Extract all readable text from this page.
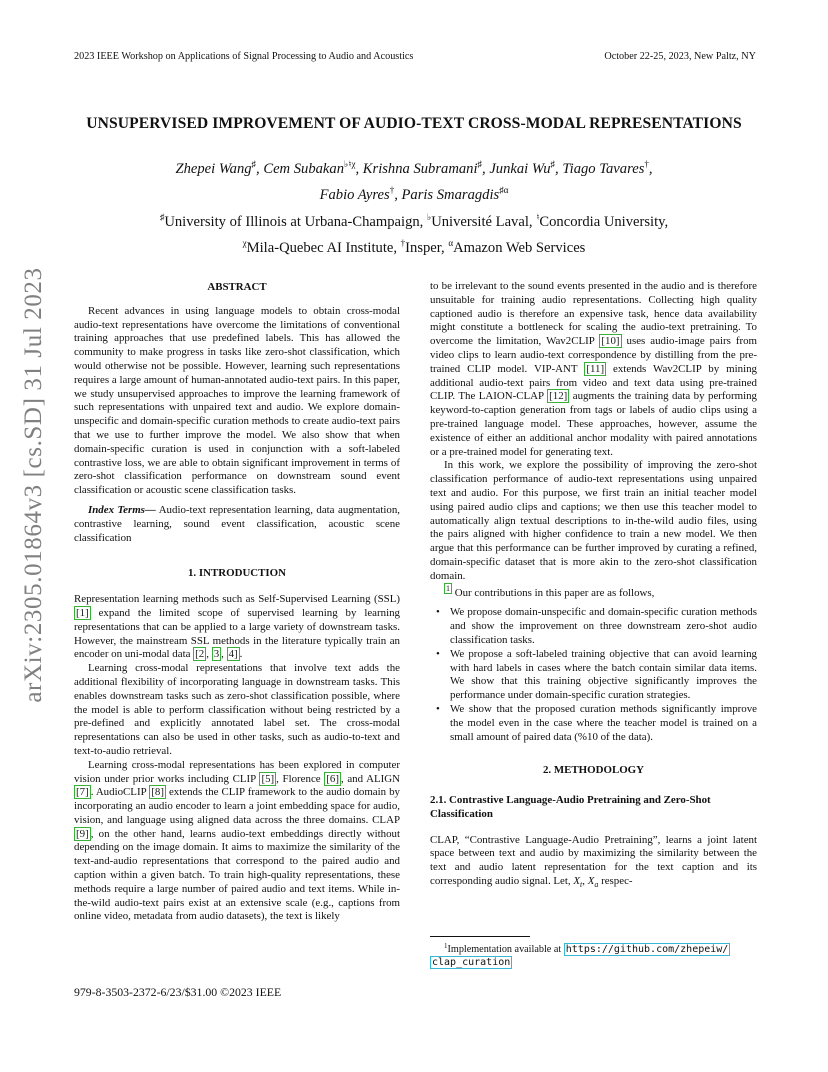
2023 IEEE Workshop on Applications of Signal Processing to Audio and Acoustics	October 22-25, 2023, New Paltz, NY
arXiv:2305.01864v3 [cs.SD] 31 Jul 2023
UNSUPERVISED IMPROVEMENT OF AUDIO-TEXT CROSS-MODAL REPRESENTATIONS
Zhepei Wang♯, Cem Subakan$^{♭♮\chi}$, Krishna Subramani♯, Junkai Wu♯, Tiago Tavares†,
Fabio Ayres†, Paris Smaragdis$^{♯\alpha}$
♯University of Illinois at Urbana-Champaign, ♭Université Laval, ♮Concordia University,
$^\chi$Mila-Quebec AI Institute, †Insper, $^\alpha$Amazon Web Services
ABSTRACT

Recent advances in using language models to obtain cross-modal audio-text representations have overcome the limitations of conventional training approaches that use predefined labels. This has allowed the community to make progress in tasks like zero-shot classification, which would otherwise not be possible. However, learning such representations requires a large amount of human-annotated audio-text pairs. In this paper, we study unsupervised approaches to improve the learning framework of such representations with unpaired text and audio. We explore domain-unspecific and domain-specific curation methods to create audio-text pairs that we use to further improve the model. We also show that when domain-specific curation is used in conjunction with a soft-labeled contrastive loss, we are able to obtain significant improvement in terms of zero-shot classification performance on downstream sound event classification or acoustic scene classification tasks.

Index Terms— Audio-text representation learning, data augmentation, contrastive learning, sound event classification, acoustic scene classification

1. INTRODUCTION

Representation learning methods such as Self-Supervised Learning (SSL) [1] expand the limited scope of supervised learning by learning representations that can be applied to a large variety of downstream tasks. However, the mainstream SSL methods in the literature typically train an encoder on uni-modal data [2 , 3 , 4] .

Learning cross-modal representations that involve text adds the additional flexibility of incorporating language in downstream tasks. This enables downstream tasks such as zero-shot classification possible, where the model is able to perform classification without being restricted by a pre-defined and explicitly annotated label set. The cross-modal representations can also be used in other tasks, such as audio-to-text and text-to-audio retrieval.

Learning cross-modal representations has been explored in computer vision under prior works including CLIP [5] , Florence [6] , and ALIGN [7] . AudioCLIP [8] extends the CLIP framework to the audio domain by incorporating an audio encoder to learn a joint embedding space for audio, vision, and language using aligned data across the three domains. CLAP [9] , on the other hand, learns audio-text embeddings directly without depending on the image domain. It aims to maximize the similarity of the text-and-audio representations that correspond to the paired audio and caption within a given batch. To train high-quality representations, these methods require a large number of paired audio and text items. While in-the-wild audio-text pairs exist at an extensive scale (e.g., captions from online video, metadata from audio datasets), the text is likely

to be irrelevant to the sound events presented in the audio and is therefore unsuitable for training audio representations. Collecting high quality captioned audio is therefore an expensive task, hence data availability might constitute a bottleneck for scaling the audio-text pretraining. To overcome the limitation, Wav2CLIP [10] uses audio-image pairs from video clips to learn audio-text correspondence by distilling from the pre-trained CLIP model. VIP-ANT [11] extends Wav2CLIP by mining additional audio-text pairs from video and text data using pre-trained CLIP. The LAION-CLAP [12] augments the training data by performing keyword-to-caption generation from tags or labels of audio clips using a pre-trained language model. These approaches, however, assume the existence of either an additional anchor modality with paired annotations or a pre-trained model for generating text.

In this work, we explore the possibility of improving the zero-shot classification performance of audio-text representations using unpaired text and audio. For this purpose, we first train an initial teacher model using paired audio clips and captions; we then use this teacher model to automatically align textual descriptions to in-the-wild audio files, using the pairs aligned with higher confidence to train a new model. We then argue that this performance can be further improved by curating a refined, domain-specific dataset that is more akin to the zero-shot classification domain.

$^1$ Our contributions in this paper are as follows,

• We propose domain-unspecific and domain-specific curation methods and show the improvement on three downstream zero-shot audio classification tasks.
• We propose a soft-labeled training objective that can avoid learning with hard labels in cases where the batch contain similar data items. We show that this training objective significantly improves the performance under domain-specific curation strategies.
• We show that the proposed curation methods significantly improve the model even in the case where the teacher model is trained on a small amount of paired data (%10 of the data).
2. METHODOLOGY

2.1. Contrastive Language-Audio Pretraining and Zero-Shot Classification

CLAP, “Contrastive Language-Audio Pretraining”, learns a joint latent space between text and audio by maximizing the similarity between the text and audio latent representation for the text caption and its corresponding audio signal. Let, $X_t$, $X_a$ respec-

$^1$Implementation available at https://github.com/zhepeiw/
clap_curation
979-8-3503-2372-6/23/$31.00 ©2023 IEEE
